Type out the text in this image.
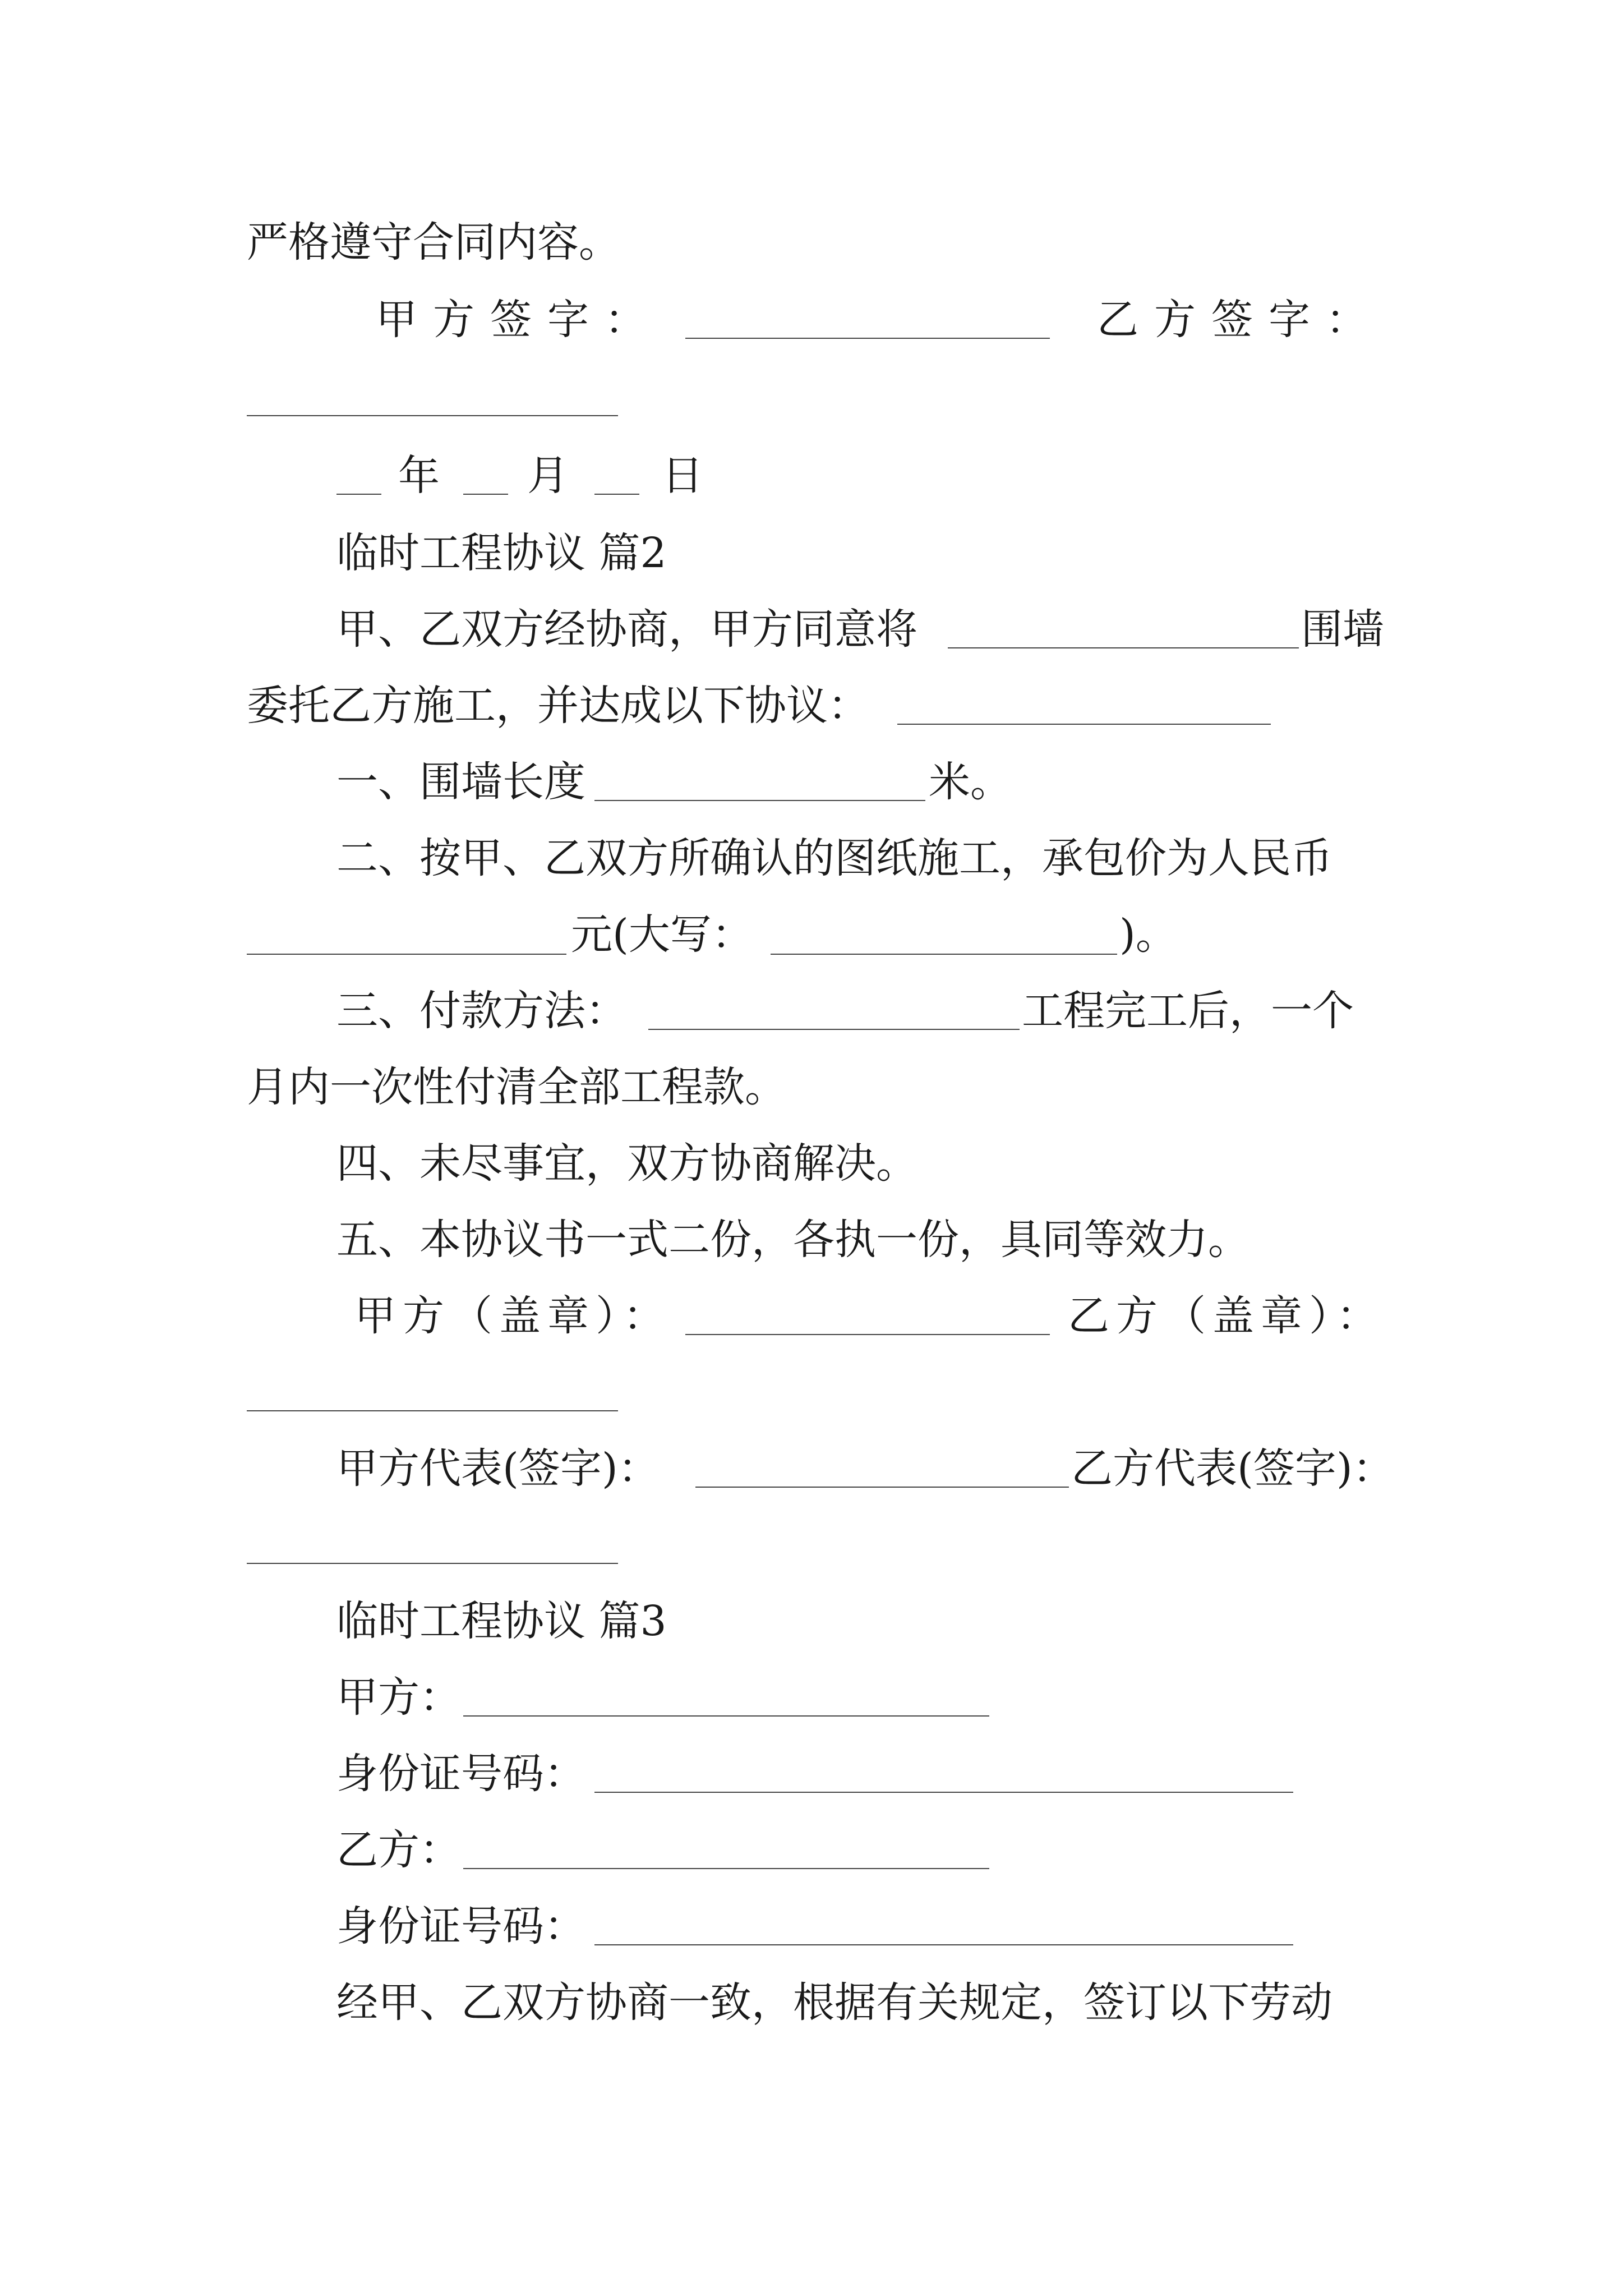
严格遵守合同内容。
甲方签字：	乙方签字：
年 月 日
临时工程协议 篇2
甲、乙双方经协商，甲方同意将	围墙
委托乙方施工，并达成以下协议：
一、围墙长度	米。
二、按甲、乙双方所确认的图纸施工，承包价为人民币
元(大写：	)。
三、付款方法：	工程完工后，一个
月内一次性付清全部工程款。
四、未尽事宜，双方协商解决。
五、本协议书一式二份，各执一份，具同等效力。
甲方（盖章）：	乙方（盖章）：
甲方代表(签字)：	乙方代表(签字)：
临时工程协议 篇3
甲方：
身份证号码：
乙方：
身份证号码：
经甲、乙双方协商一致，根据有关规定，签订以下劳动
